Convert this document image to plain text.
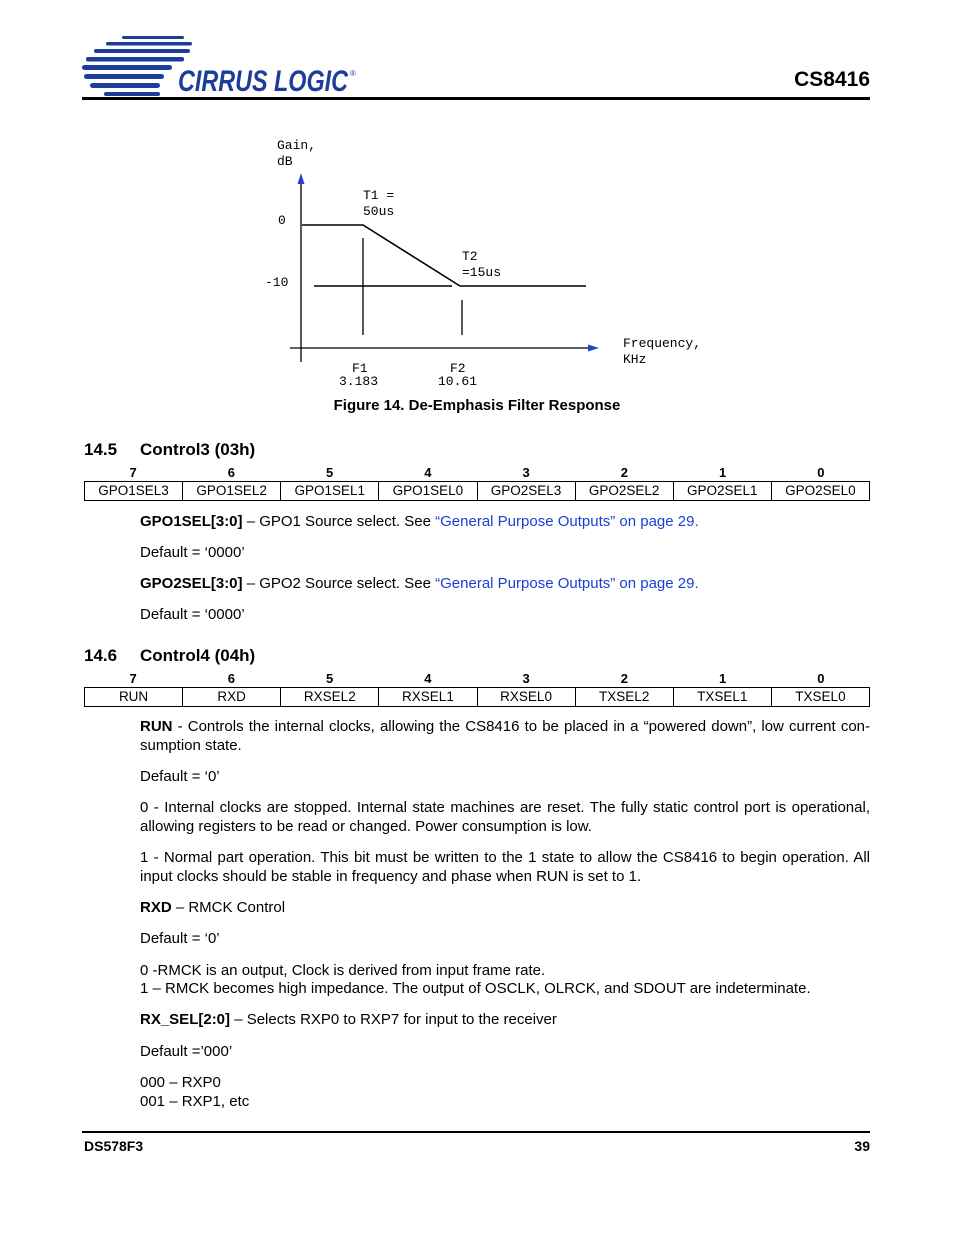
CIRRUS LOGIC ®	CS8416
Gain,
dB
0
-10
T1 =
50us
T2
=15us
Frequency,
KHz
F1
3.183
F2
10.61
Figure 14. De-Emphasis Filter Response
14.5 Control3 (03h)
7	6	5	4	3	2	1	0
GPO1SEL3	GPO1SEL2	GPO1SEL1	GPO1SEL0	GPO2SEL3	GPO2SEL2	GPO2SEL1	GPO2SEL0
GPO1SEL[3:0] – GPO1 Source select. See “General Purpose Outputs” on page 29.
Default = ‘0000’
GPO2SEL[3:0] – GPO2 Source select. See “General Purpose Outputs” on page 29.
Default = ‘0000’
14.6 Control4 (04h)
7	6	5	4	3	2	1	0
RUN	RXD	RXSEL2	RXSEL1	RXSEL0	TXSEL2	TXSEL1	TXSEL0
RUN - Controls the internal clocks, allowing the CS8416 to be placed in a “powered down”, low current con-sumption state.
Default = ‘0’
0 - Internal clocks are stopped. Internal state machines are reset. The fully static control port is operational, allowing registers to be read or changed. Power consumption is low.
1 - Normal part operation. This bit must be written to the 1 state to allow the CS8416 to begin operation. All input clocks should be stable in frequency and phase when RUN is set to 1.
RXD – RMCK Control
Default = ‘0’
0 -RMCK is an output, Clock is derived from input frame rate.
1 – RMCK becomes high impedance. The output of OSCLK, OLRCK, and SDOUT are indeterminate.
RX_SEL[2:0] – Selects RXP0 to RXP7 for input to the receiver
Default =’000’
000 – RXP0
001 – RXP1, etc
DS578F3	39
